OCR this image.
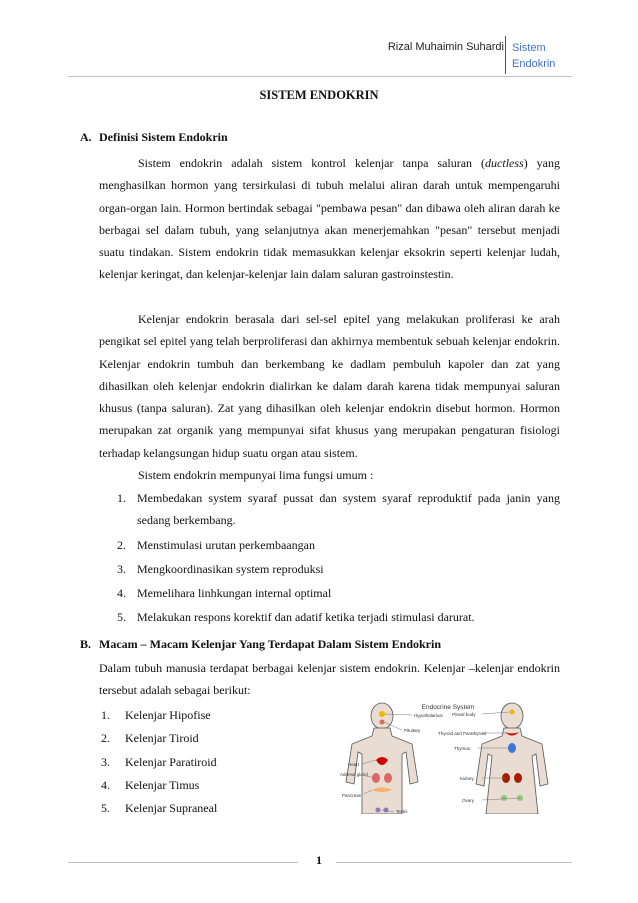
Rizal Muhaimin Suhardi Sistem Endokrin
SISTEM ENDOKRIN
A. Definisi Sistem Endokrin
Sistem endokrin adalah sistem kontrol kelenjar tanpa saluran (ductless) yang menghasilkan hormon yang tersirkulasi di tubuh melalui aliran darah untuk mempengaruhi organ-organ lain. Hormon bertindak sebagai "pembawa pesan" dan dibawa oleh aliran darah ke berbagai sel dalam tubuh, yang selanjutnya akan menerjemahkan "pesan" tersebut menjadi suatu tindakan. Sistem endokrin tidak memasukkan kelenjar eksokrin seperti kelenjar ludah, kelenjar keringat, dan kelenjar-kelenjar lain dalam saluran gastroinstestin.
Kelenjar endokrin berasala dari sel-sel epitel yang melakukan proliferasi ke arah pengikat sel epitel yang telah berproliferasi dan akhirnya membentuk sebuah kelenjar endokrin. Kelenjar endokrin tumbuh dan berkembang ke dadlam pembuluh kapoler dan zat yang dihasilkan oleh kelenjar endokrin dialirkan ke dalam darah karena tidak mempunyai saluran khusus (tanpa saluran). Zat yang dihasilkan oleh kelenjar endokrin disebut hormon. Hormon merupakan zat organik yang mempunyai sifat khusus yang merupakan pengaturan fisiologi terhadap kelangsungan hidup suatu organ atau sistem.
Sistem endokrin mempunyai lima fungsi umum :
1. Membedakan system syaraf pussat dan system syaraf reproduktif pada janin yang sedang berkembang.
2. Menstimulasi urutan perkembaangan
3. Mengkoordinasikan system reproduksi
4. Memelihara linhkungan internal optimal
5. Melakukan respons korektif dan adatif ketika terjadi stimulasi darurat.
B. Macam – Macam Kelenjar Yang Terdapat Dalam Sistem Endokrin
Dalam tubuh manusia terdapat berbagai kelenjar sistem endokrin. Kelenjar –kelenjar endokrin tersebut adalah sebagai berikut:
1. Kelenjar Hipofise
2. Kelenjar Tiroid
3. Kelenjar Paratiroid
4. Kelenjar Timus
5. Kelenjar Supraneal
Endocrine System
Hypothalamus
Pituitary
Pineal body
Thyroid and Parathyroid
Thymus
Heart
Adrenal gland
Kidney
Pancreas
Ovary
Testis
1
